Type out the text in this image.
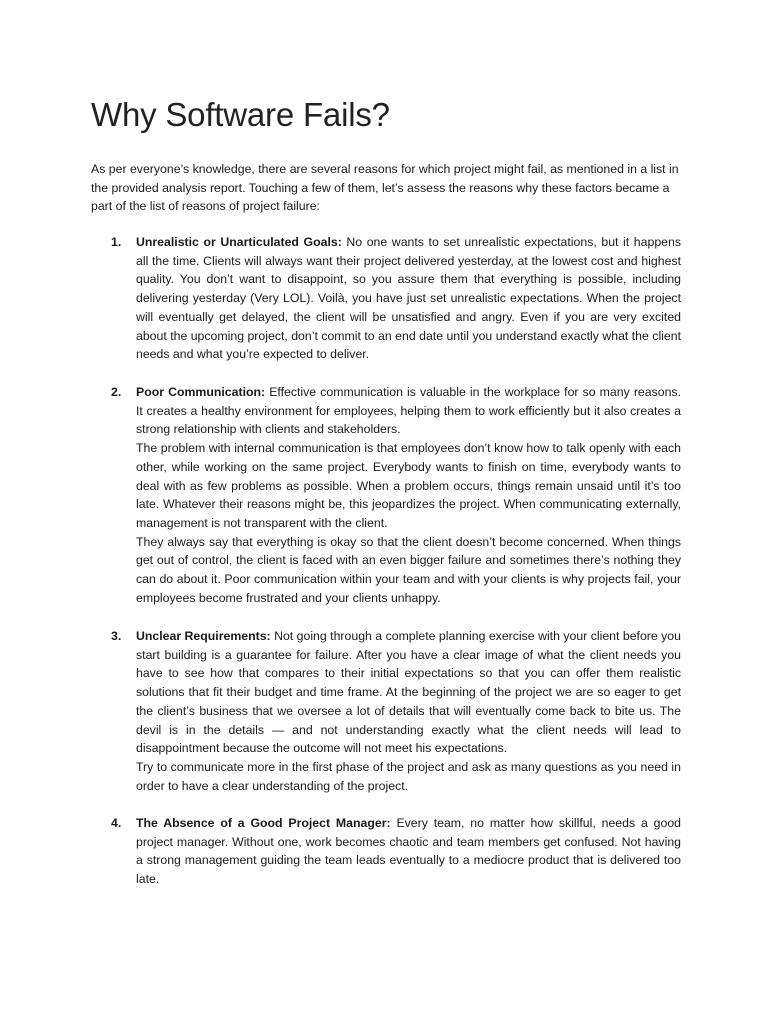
Why Software Fails?

As per everyone’s knowledge, there are several reasons for which project might fail, as mentioned in a list in the provided analysis report. Touching a few of them, let’s assess the reasons why these factors became a part of the list of reasons of project failure:

1. Unrealistic or Unarticulated Goals: No one wants to set unrealistic expectations, but it happens all the time. Clients will always want their project delivered yesterday, at the lowest cost and highest quality. You don’t want to disappoint, so you assure them that everything is possible, including delivering yesterday (Very LOL). Voilà, you have just set unrealistic expectations. When the project will eventually get delayed, the client will be unsatisfied and angry. Even if you are very excited about the upcoming project, don’t commit to an end date until you understand exactly what the client needs and what you’re expected to deliver.

2. Poor Communication: Effective communication is valuable in the workplace for so many reasons. It creates a healthy environment for employees, helping them to work efficiently but it also creates a strong relationship with clients and stakeholders.

The problem with internal communication is that employees don’t know how to talk openly with each other, while working on the same project. Everybody wants to finish on time, everybody wants to deal with as few problems as possible. When a problem occurs, things remain unsaid until it’s too late. Whatever their reasons might be, this jeopardizes the project. When communicating externally, management is not transparent with the client.

They always say that everything is okay so that the client doesn’t become concerned. When things get out of control, the client is faced with an even bigger failure and sometimes there’s nothing they can do about it. Poor communication within your team and with your clients is why projects fail, your employees become frustrated and your clients unhappy.

3. Unclear Requirements: Not going through a complete planning exercise with your client before you start building is a guarantee for failure. After you have a clear image of what the client needs you have to see how that compares to their initial expectations so that you can offer them realistic solutions that fit their budget and time frame. At the beginning of the project we are so eager to get the client’s business that we oversee a lot of details that will eventually come back to bite us. The devil is in the details — and not understanding exactly what the client needs will lead to disappointment because the outcome will not meet his expectations.

Try to communicate more in the first phase of the project and ask as many questions as you need in order to have a clear understanding of the project.

4. The Absence of a Good Project Manager: Every team, no matter how skillful, needs a good project manager. Without one, work becomes chaotic and team members get confused. Not having a strong management guiding the team leads eventually to a mediocre product that is delivered too late.
